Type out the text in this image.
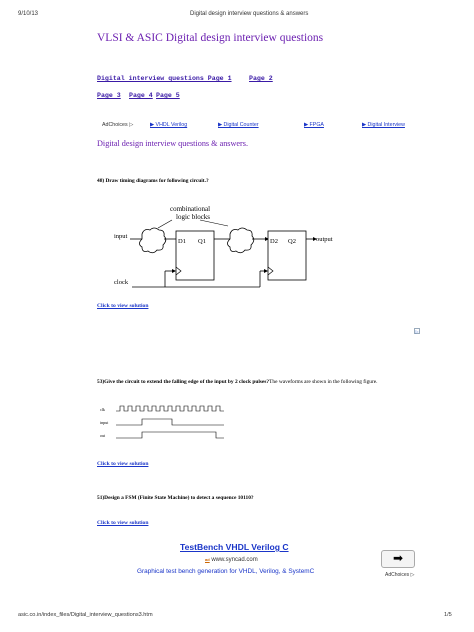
9/10/13	Digital design interview questions & answers
VLSI & ASIC Digital design interview questions
Digital interview questions Page 1	Page 2
Page 3 Page 4 Page 5
AdChoices ▷	▶ VHDL Verilog	▶ Digital Counter	▶ FPGA	▶ Digital Interview
Digital design interview questions & answers.
48) Draw timing diagrams for following circuit.?
combinational
logic blocks
input
D1 Q1	D2 Q2	output
clock
Click to view solution
▷
53)Give the circuit to extend the falling edge of the input by 2 clock pulses?The waveforms are shown in the following figure.
clk
input
out
Click to view solution
51)Design a FSM (Finite State Machine) to detect a sequence 10110?
Click to view solution
TestBench VHDL Verilog C
ad www.syncad.com
Graphical test bench generation for VHDL, Verilog, & SystemC
➡
AdChoices ▷
asic.co.in/index_files/Digital_interview_questions3.htm	1/5
